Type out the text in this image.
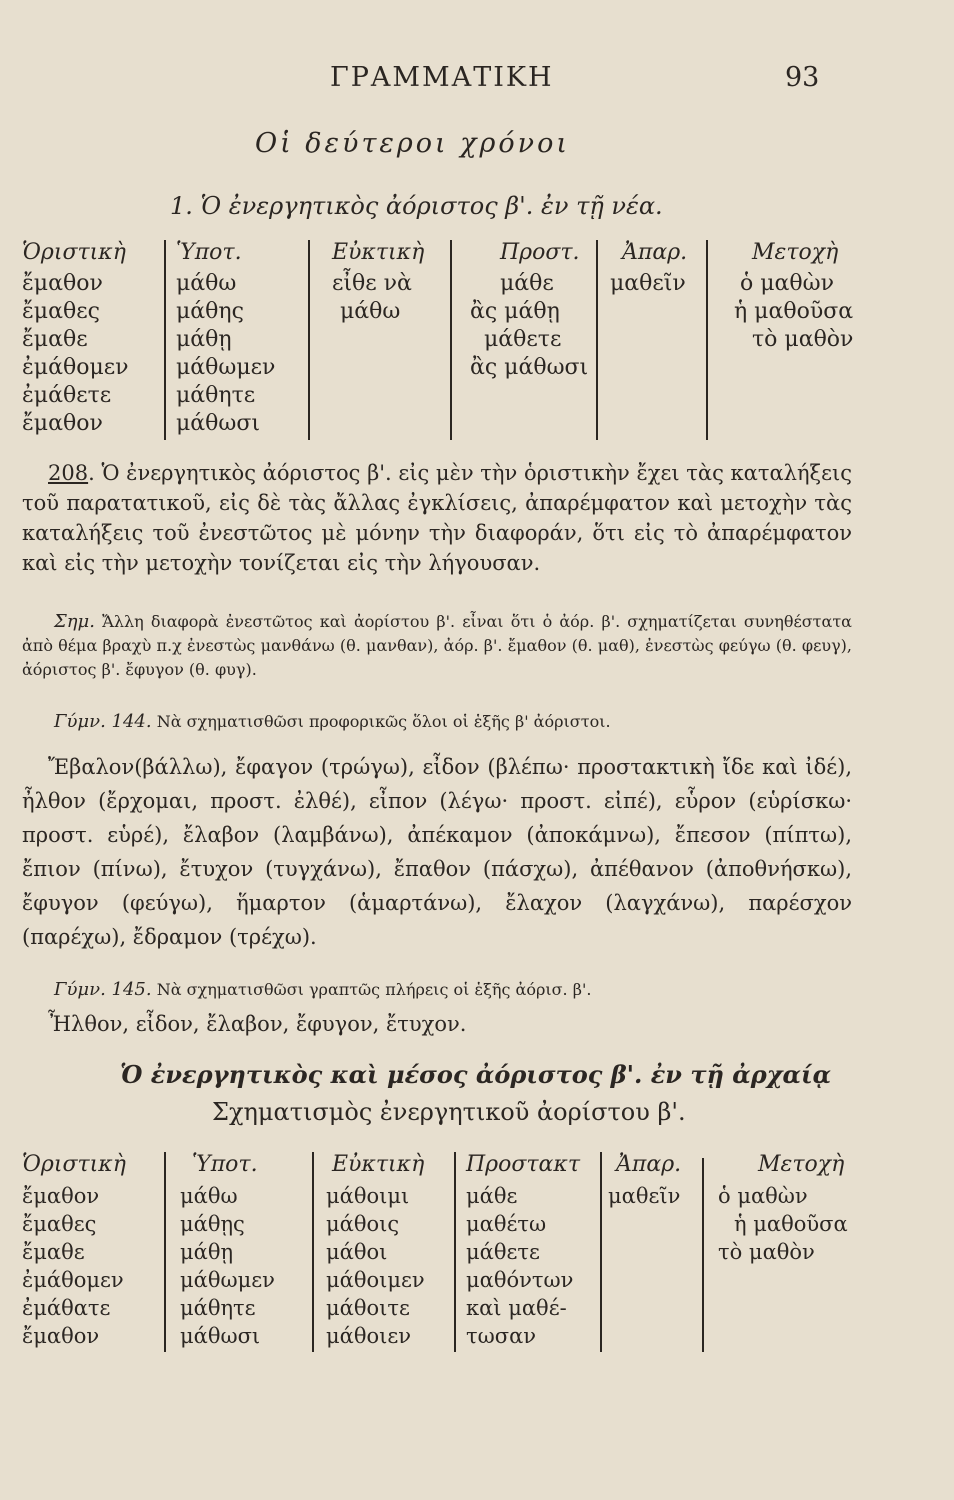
ΓΡΑΜΜΑΤΙΚΗ	93
Οἱ δεύτεροι χρόνοι
1. Ὁ ἐνεργητικὸς ἀόριστος β'. ἐν τῇ νέα.
Ὁριστικὴ
ἔμαθον
ἔμαθες
ἔμαθε
ἐμάθομεν
ἐμάθετε
ἔμαθον
Ὑποτ.
μάθω
μάθης
μάθῃ
μάθωμεν
μάθητε
μάθωσι
Εὐκτικὴ
εἶθε νὰ
μάθω
Προστ.
μάθε
ἂς μάθῃ
μάθετε
ἂς μάθωσι
Ἀπαρ.
μαθεῖν
Μετοχὴ
ὁ μαθὼν
ἡ μαθοῦσα
τὸ μαθὸν
208. Ὁ ἐνεργητικὸς ἀόριστος β'. εἰς μὲν τὴν ὁριστικὴν ἔχει τὰς καταλήξεις τοῦ παρατατικοῦ, εἰς δὲ τὰς ἄλλας ἐγκλίσεις, ἀπαρέμφατον καὶ μετοχὴν τὰς καταλήξεις τοῦ ἐνεστῶτος μὲ μόνην τὴν διαφοράν, ὅτι εἰς τὸ ἀπαρέμφατον καὶ εἰς τὴν μετοχὴν τονίζεται εἰς τὴν λήγουσαν.
Σημ. Ἄλλη διαφορὰ ἐνεστῶτος καὶ ἀορίστου β'. εἶναι ὅτι ὁ ἀόρ. β'. σχηματίζεται συνηθέστατα ἀπὸ θέμα βραχὺ π.χ ἐνεστὼς μανθάνω (θ. μανθαν), ἀόρ. β'. ἔμαθον (θ. μαθ), ἐνεστὼς φεύγω (θ. φευγ), ἀόριστος β'. ἔφυγον (θ. φυγ).
Γύμν. 144. Νὰ σχηματισθῶσι προφορικῶς ὅλοι οἱ ἑξῆς β' ἀόριστοι.
Ἔβαλον(βάλλω), ἔφαγον (τρώγω), εἶδον (βλέπω· προστακτικὴ ἴδε καὶ ἰδέ), ἦλθον (ἔρχομαι, προστ. ἐλθέ), εἶπον (λέγω· προστ. εἰπέ), εὗρον (εὑρίσκω· προστ. εὑρέ), ἔλαβον (λαμβάνω), ἀπέκαμον (ἀποκάμνω), ἔπεσον (πίπτω), ἔπιον (πίνω), ἔτυχον (τυγχάνω), ἔπαθον (πάσχω), ἀπέθανον (ἀποθνήσκω), ἔφυγον (φεύγω), ἥμαρτον (ἁμαρτάνω), ἔλαχον (λαγχάνω), παρέσχον (παρέχω), ἔδραμον (τρέχω).
Γύμν. 145. Νὰ σχηματισθῶσι γραπτῶς πλήρεις οἱ ἑξῆς ἀόρισ. β'.
Ἦλθον, εἶδον, ἔλαβον, ἔφυγον, ἔτυχον.
Ὁ ἐνεργητικὸς καὶ μέσος ἀόριστος β'. ἐν τῇ ἀρχαίᾳ
Σχηματισμὸς ἐνεργητικοῦ ἀορίστου β'.
Ὁριστικὴ
ἔμαθον
ἔμαθες
ἔμαθε
ἐμάθομεν
ἐμάθατε
ἔμαθον
Ὑποτ.
μάθω
μάθῃς
μάθῃ
μάθωμεν
μάθητε
μάθωσι
Εὐκτικὴ
μάθοιμι
μάθοις
μάθοι
μάθοιμεν
μάθοιτε
μάθοιεν
Προστακτ
μάθε
μαθέτω
μάθετε
μαθόντων
καὶ μαθέ-
τωσαν
Ἀπαρ.
μαθεῖν
Μετοχὴ
ὁ μαθὼν
ἡ μαθοῦσα
τὸ μαθὸν
